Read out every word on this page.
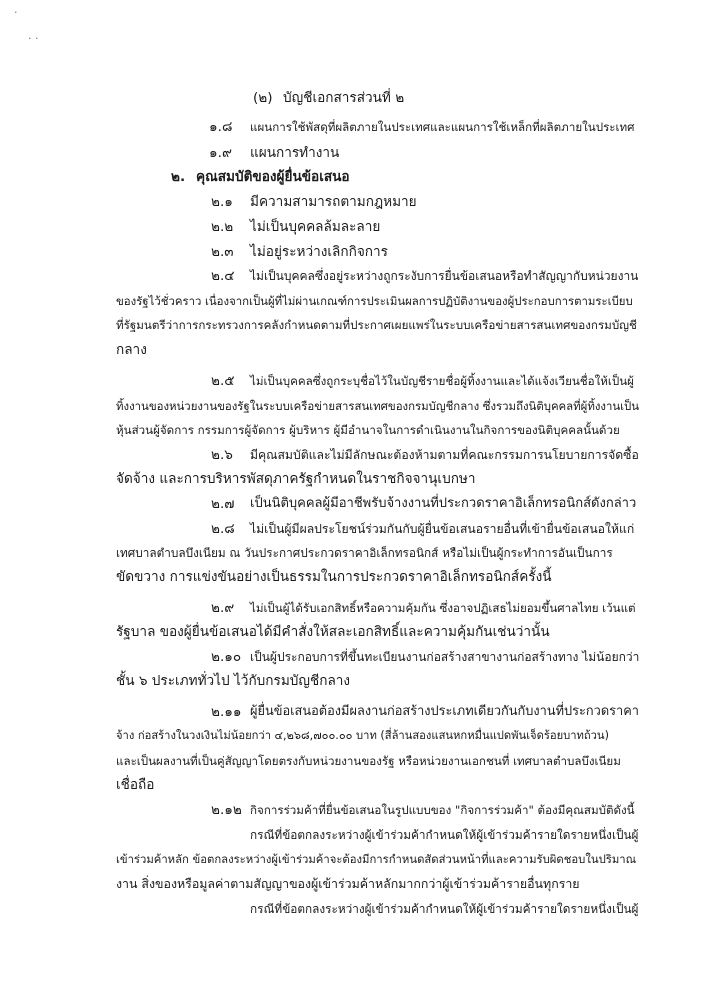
·
· ·
(๒) บัญชีเอกสารส่วนที่ ๒
๑.๘ แผนการใช้พัสดุที่ผลิตภายในประเทศและแผนการใช้เหล็กที่ผลิตภายในประเทศ
๑.๙ แผนการทำงาน
๒. คุณสมบัติของผู้ยื่นข้อเสนอ
๒.๑ มีความสามารถตามกฎหมาย
๒.๒ ไม่เป็นบุคคลล้มละลาย
๒.๓ ไม่อยู่ระหว่างเลิกกิจการ
๒.๔ ไม่เป็นบุคคลซึ่งอยู่ระหว่างถูกระงับการยื่นข้อเสนอหรือทำสัญญากับหน่วยงาน
ของรัฐไว้ชั่วคราว เนื่องจากเป็นผู้ที่ไม่ผ่านเกณฑ์การประเมินผลการปฏิบัติงานของผู้ประกอบการตามระเบียบ
ที่รัฐมนตรีว่าการกระทรวงการคลังกำหนดตามที่ประกาศเผยแพร่ในระบบเครือข่ายสารสนเทศของกรมบัญชี
กลาง
๒.๕ ไม่เป็นบุคคลซึ่งถูกระบุชื่อไว้ในบัญชีรายชื่อผู้ทิ้งงานและได้แจ้งเวียนชื่อให้เป็นผู้
ทิ้งงานของหน่วยงานของรัฐในระบบเครือข่ายสารสนเทศของกรมบัญชีกลาง ซึ่งรวมถึงนิติบุคคลที่ผู้ทิ้งงานเป็น
หุ้นส่วนผู้จัดการ กรรมการผู้จัดการ ผู้บริหาร ผู้มีอำนาจในการดำเนินงานในกิจการของนิติบุคคลนั้นด้วย
๒.๖ มีคุณสมบัติและไม่มีลักษณะต้องห้ามตามที่คณะกรรมการนโยบายการจัดซื้อ
จัดจ้าง และการบริหารพัสดุภาครัฐกำหนดในราชกิจจานุเบกษา
๒.๗ เป็นนิติบุคคลผู้มีอาชีพรับจ้างงานที่ประกวดราคาอิเล็กทรอนิกส์ดังกล่าว
๒.๘ ไม่เป็นผู้มีผลประโยชน์ร่วมกันกับผู้ยื่นข้อเสนอรายอื่นที่เข้ายื่นข้อเสนอให้แก่
เทศบาลตำบลบึงเนียม ณ วันประกาศประกวดราคาอิเล็กทรอนิกส์ หรือไม่เป็นผู้กระทำการอันเป็นการ
ขัดขวาง การแข่งขันอย่างเป็นธรรมในการประกวดราคาอิเล็กทรอนิกส์ครั้งนี้
๒.๙ ไม่เป็นผู้ได้รับเอกสิทธิ์หรือความคุ้มกัน ซึ่งอาจปฏิเสธไม่ยอมขึ้นศาลไทย เว้นแต่
รัฐบาล ของผู้ยื่นข้อเสนอได้มีคำสั่งให้สละเอกสิทธิ์และความคุ้มกันเช่นว่านั้น
๒.๑๐ เป็นผู้ประกอบการที่ขึ้นทะเบียนงานก่อสร้างสาขางานก่อสร้างทาง ไม่น้อยกว่า
ชั้น ๖ ประเภททั่วไป ไว้กับกรมบัญชีกลาง
๒.๑๑ ผู้ยื่นข้อเสนอต้องมีผลงานก่อสร้างประเภทเดียวกันกับงานที่ประกวดราคา
จ้าง ก่อสร้างในวงเงินไม่น้อยกว่า ๔,๒๖๘,๗๐๐.๐๐ บาท (สี่ล้านสองแสนหกหมื่นแปดพันเจ็ดร้อยบาทถ้วน)
และเป็นผลงานที่เป็นคู่สัญญาโดยตรงกับหน่วยงานของรัฐ หรือหน่วยงานเอกชนที่ เทศบาลตำบลบึงเนียม
เชื่อถือ
๒.๑๒ กิจการร่วมค้าที่ยื่นข้อเสนอในรูปแบบของ "กิจการร่วมค้า" ต้องมีคุณสมบัติดังนี้
กรณีที่ข้อตกลงระหว่างผู้เข้าร่วมค้ากำหนดให้ผู้เข้าร่วมค้ารายใดรายหนึ่งเป็นผู้
เข้าร่วมค้าหลัก ข้อตกลงระหว่างผู้เข้าร่วมค้าจะต้องมีการกำหนดสัดส่วนหน้าที่และความรับผิดชอบในปริมาณ
งาน สิ่งของหรือมูลค่าตามสัญญาของผู้เข้าร่วมค้าหลักมากกว่าผู้เข้าร่วมค้ารายอื่นทุกราย
กรณีที่ข้อตกลงระหว่างผู้เข้าร่วมค้ากำหนดให้ผู้เข้าร่วมค้ารายใดรายหนึ่งเป็นผู้
